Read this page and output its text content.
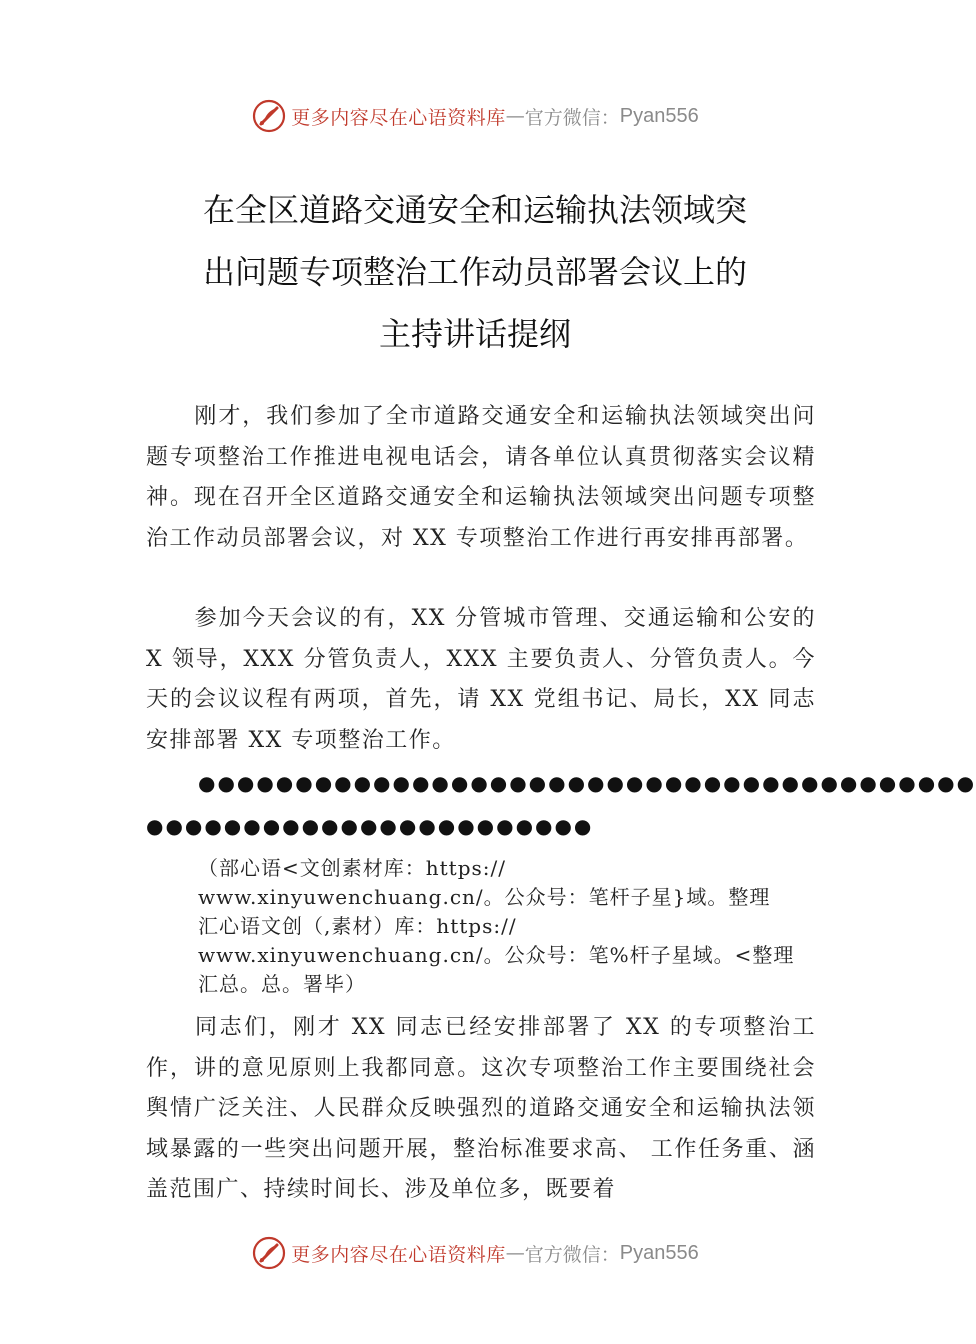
更多内容尽在心语资料库 — 官方微信： Pyan556
在全区道路交通安全和运输执法领域突
出问题专项整治工作动员部署会议上的
主持讲话提纲
刚才，我们参加了全市道路交通安全和运输执法领域突出问题专项整治工作推进电视电话会，请各单位认真贯彻落实会议精神。现在召开全区道路交通安全和运输执法领域突出问题专项整治工作动员部署会议，对 XX 专项整治工作进行再安排再部署。
参加今天会议的有，XX 分管城市管理、交通运输和公安的 X 领导，XXX 分管负责人，XXX 主要负责人、分管负责人。今天的会议议程有两项，首先，请 XX 党组书记、局长，XX 同志安排部署 XX 专项整治工作。
●●●●●●●●●●●●●●●●●●●●●●●●●●●●●●●●●●●●●●●●
●●●●●●●●●●●●●●●●●●●●●●●
（部心语<文创素材库：https://
www.xinyuwenchuang.cn/。公众号：笔杆子星}域。整理
汇心语文创（,素材）库：https://
www.xinyuwenchuang.cn/。公众号：笔%杆子星域。<整理
汇总。总。署毕）
同志们，刚才 XX 同志已经安排部署了 XX 的专项整治工作，讲的意见原则上我都同意。这次专项整治工作主要围绕社会舆情广泛关注、人民群众反映强烈的道路交通安全和运输执法领域暴露的一些突出问题开展，整治标准要求高、 工作任务重、涵盖范围广、持续时间长、涉及单位多，既要着
更多内容尽在心语资料库 — 官方微信： Pyan556
